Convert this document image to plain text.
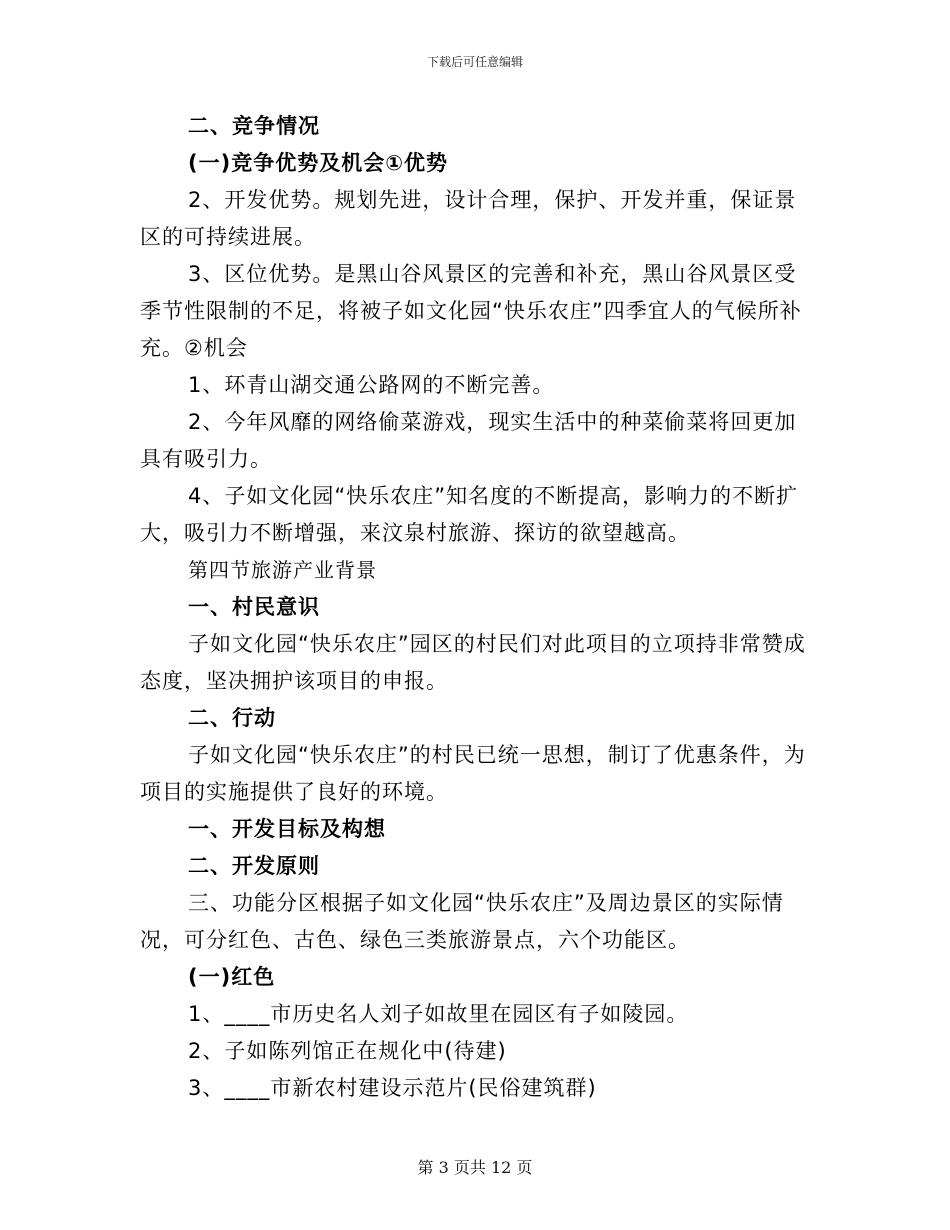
下载后可任意编辑

二、竞争情况

(一)竞争优势及机会①优势

2、开发优势。规划先进，设计合理，保护、开发并重，保证景区的可持续进展。

3、区位优势。是黑山谷风景区的完善和补充，黑山谷风景区受季节性限制的不足，将被子如文化园“快乐农庄”四季宜人的气候所补充。②机会

1、环青山湖交通公路网的不断完善。

2、今年风靡的网络偷菜游戏，现实生活中的种菜偷菜将回更加具有吸引力。

4、子如文化园“快乐农庄”知名度的不断提高，影响力的不断扩大，吸引力不断增强，来汶泉村旅游、探访的欲望越高。

第四节旅游产业背景

一、村民意识

子如文化园“快乐农庄”园区的村民们对此项目的立项持非常赞成态度，坚决拥护该项目的申报。

二、行动

子如文化园“快乐农庄”的村民已统一思想，制订了优惠条件，为项目的实施提供了良好的环境。

一、开发目标及构想

二、开发原则

三、功能分区根据子如文化园“快乐农庄”及周边景区的实际情况，可分红色、古色、绿色三类旅游景点，六个功能区。

(一)红色

1、____市历史名人刘子如故里在园区有子如陵园。

2、子如陈列馆正在规化中(待建)

3、____市新农村建设示范片(民俗建筑群)

第 3 页共 12 页
